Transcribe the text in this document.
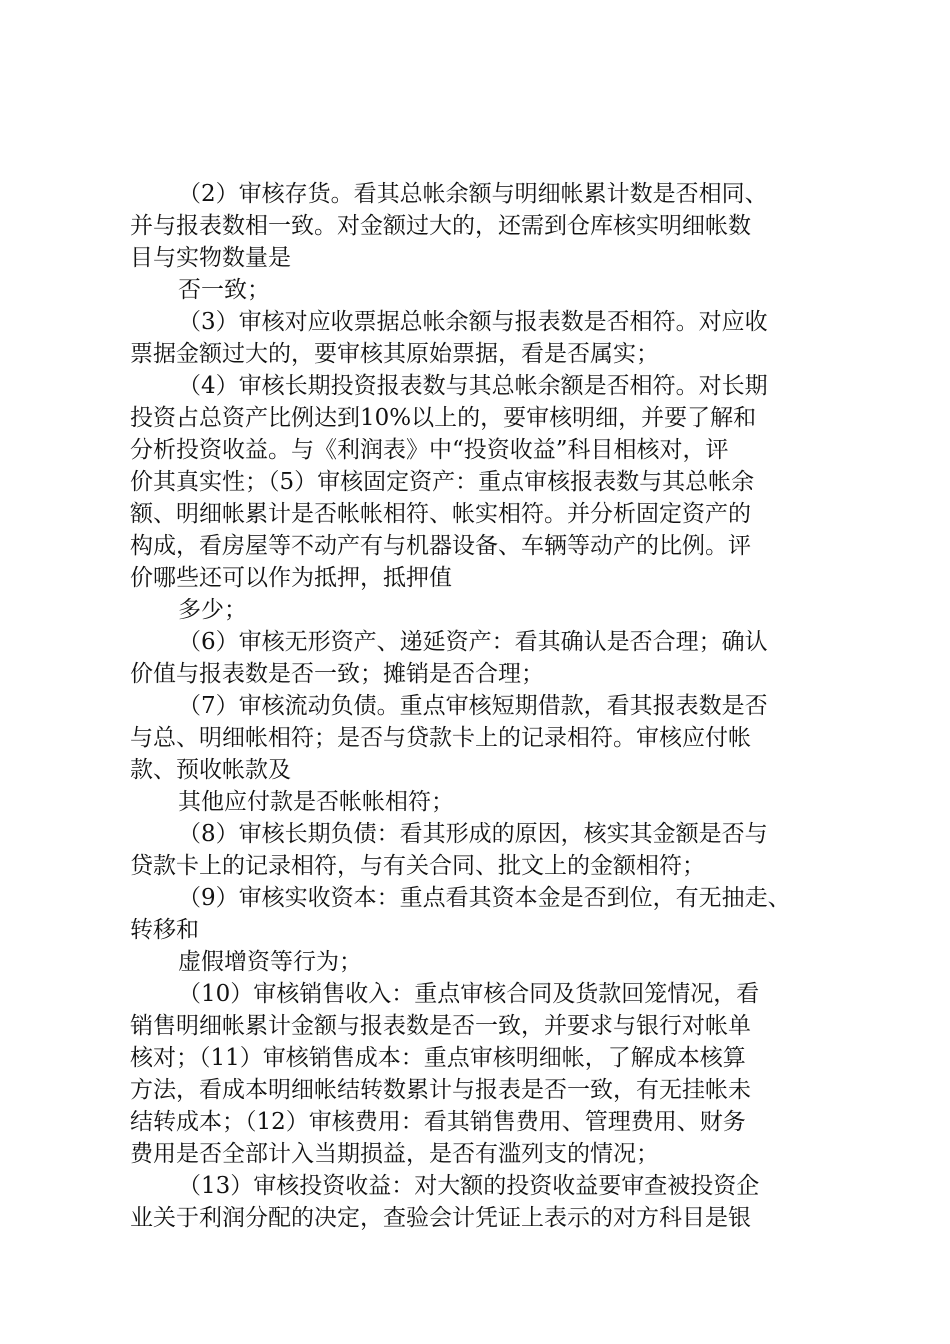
（2）审核存货。看其总帐余额与明细帐累计数是否相同、
并与报表数相一致。对金额过大的，还需到仓库核实明细帐数
目与实物数量是
否一致；
（3）审核对应收票据总帐余额与报表数是否相符。对应收
票据金额过大的，要审核其原始票据，看是否属实；
（4）审核长期投资报表数与其总帐余额是否相符。对长期
投资占总资产比例达到10%以上的，要审核明细，并要了解和
分析投资收益。与《利润表》中“投资收益”科目相核对，评
价其真实性；（5）审核固定资产：重点审核报表数与其总帐余
额、明细帐累计是否帐帐相符、帐实相符。并分析固定资产的
构成，看房屋等不动产有与机器设备、车辆等动产的比例。评
价哪些还可以作为抵押，抵押值
多少；
（6）审核无形资产、递延资产：看其确认是否合理；确认
价值与报表数是否一致；摊销是否合理；
（7）审核流动负债。重点审核短期借款，看其报表数是否
与总、明细帐相符；是否与贷款卡上的记录相符。审核应付帐
款、预收帐款及
其他应付款是否帐帐相符；
（8）审核长期负债：看其形成的原因，核实其金额是否与
贷款卡上的记录相符，与有关合同、批文上的金额相符；
（9）审核实收资本：重点看其资本金是否到位，有无抽走、
转移和
虚假增资等行为；
（10）审核销售收入：重点审核合同及货款回笼情况，看
销售明细帐累计金额与报表数是否一致，并要求与银行对帐单
核对；（11）审核销售成本：重点审核明细帐，了解成本核算
方法，看成本明细帐结转数累计与报表是否一致，有无挂帐未
结转成本；（12）审核费用：看其销售费用、管理费用、财务
费用是否全部计入当期损益，是否有滥列支的情况；
（13）审核投资收益：对大额的投资收益要审查被投资企
业关于利润分配的决定，查验会计凭证上表示的对方科目是银
